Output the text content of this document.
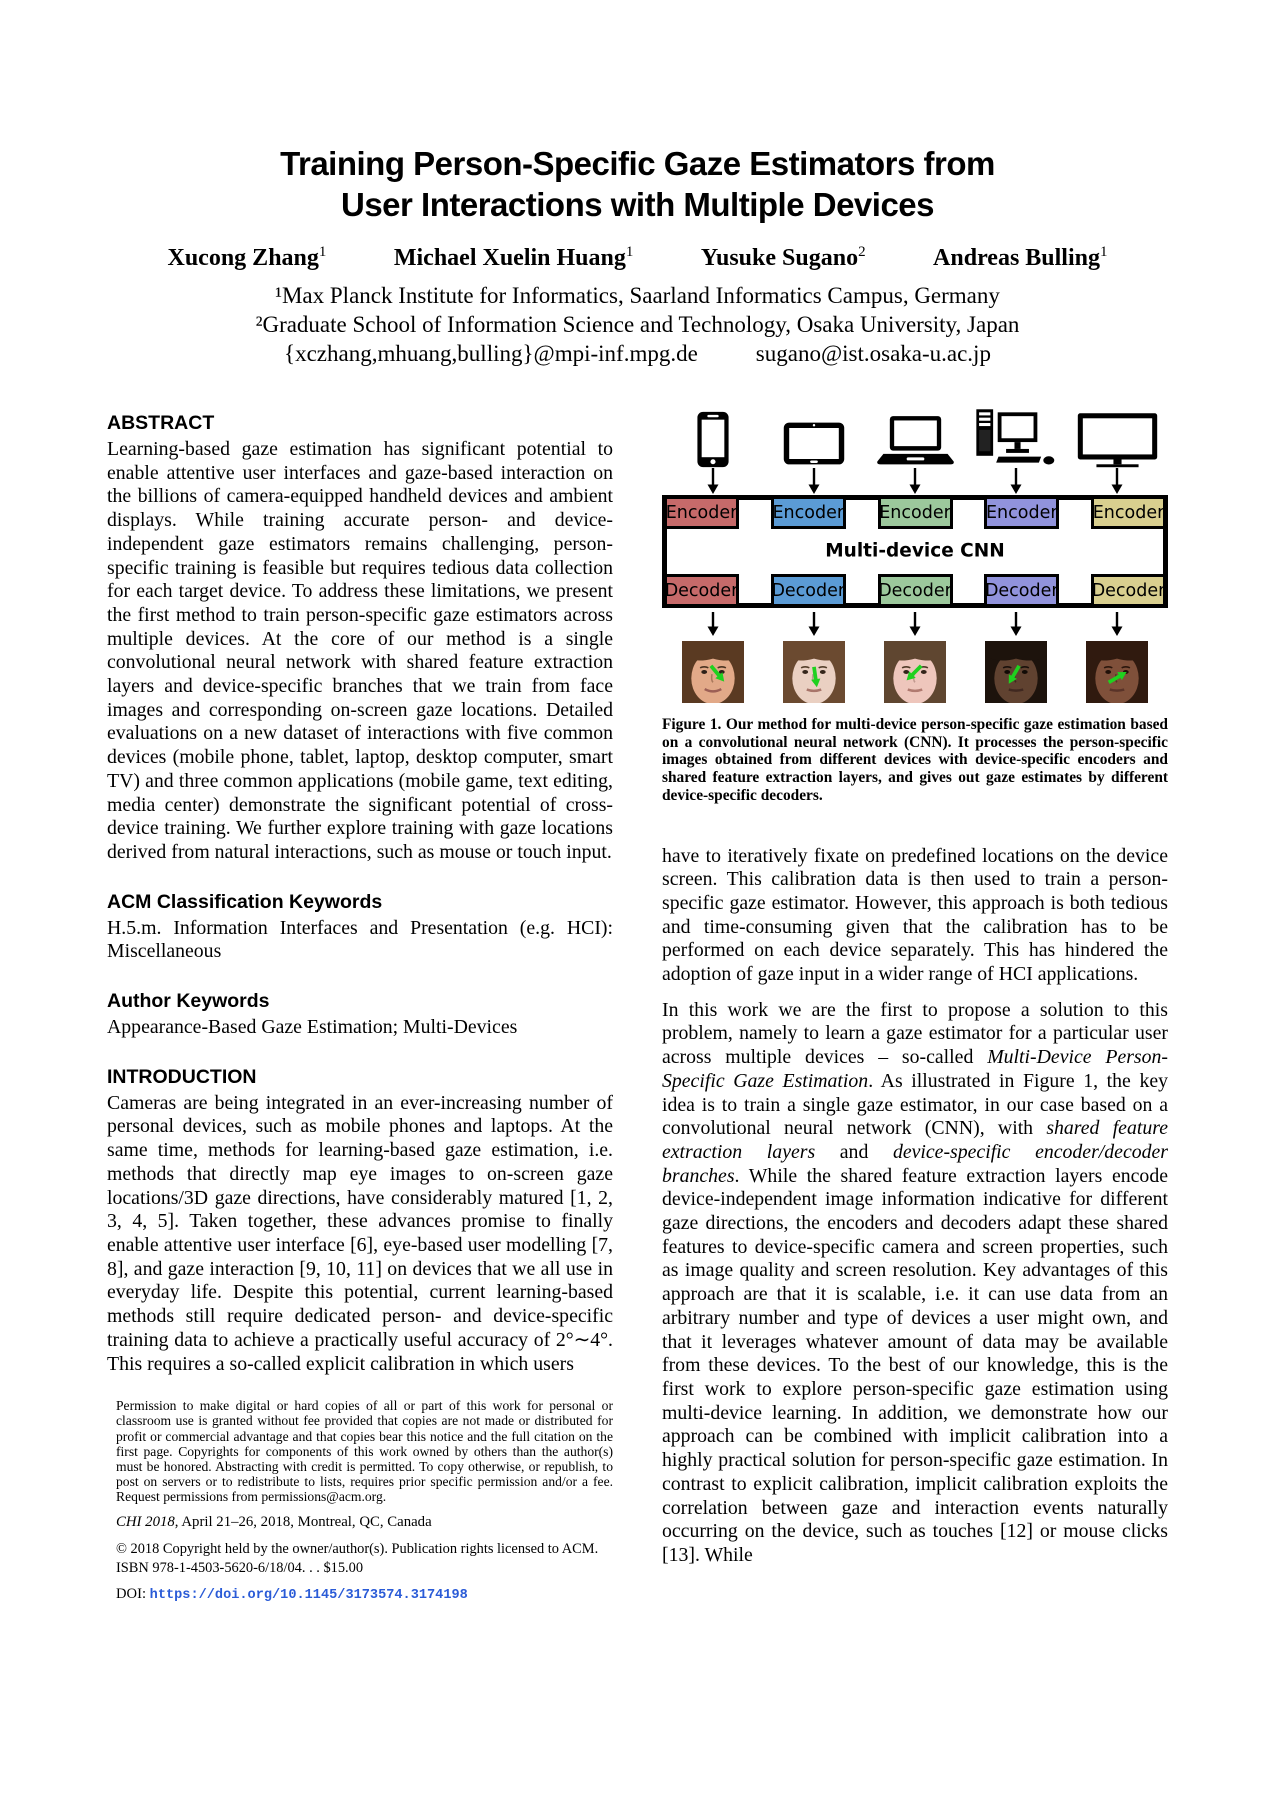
Training Person-Specific Gaze Estimators from
User Interactions with Multiple Devices
Xucong Zhang$^1$	Michael Xuelin Huang$^1$	Yusuke Sugano$^2$	Andreas Bulling$^1$
¹Max Planck Institute for Informatics, Saarland Informatics Campus, Germany
²Graduate School of Information Science and Technology, Osaka University, Japan
{xczhang,mhuang,bulling}@mpi-inf.mpg.de	sugano@ist.osaka-u.ac.jp
ABSTRACT

Learning-based gaze estimation has significant potential to enable attentive user interfaces and gaze-based interaction on the billions of camera-equipped handheld devices and ambient displays. While training accurate person- and device-independent gaze estimators remains challenging, person-specific training is feasible but requires tedious data collection for each target device. To address these limitations, we present the first method to train person-specific gaze estimators across multiple devices. At the core of our method is a single convolutional neural network with shared feature extraction layers and device-specific branches that we train from face images and corresponding on-screen gaze locations. Detailed evaluations on a new dataset of interactions with five common devices (mobile phone, tablet, laptop, desktop computer, smart TV) and three common applications (mobile game, text editing, media center) demonstrate the significant potential of cross-device training. We further explore training with gaze locations derived from natural interactions, such as mouse or touch input.

ACM Classification Keywords

H.5.m. Information Interfaces and Presentation (e.g. HCI): Miscellaneous

Author Keywords

Appearance-Based Gaze Estimation; Multi-Devices

INTRODUCTION

Cameras are being integrated in an ever-increasing number of personal devices, such as mobile phones and laptops. At the same time, methods for learning-based gaze estimation, i.e. methods that directly map eye images to on-screen gaze locations/3D gaze directions, have considerably matured [1, 2, 3, 4, 5]. Taken together, these advances promise to finally enable attentive user interface [6], eye-based user modelling [7, 8], and gaze interaction [9, 10, 11] on devices that we all use in everyday life. Despite this potential, current learning-based methods still require dedicated person- and device-specific training data to achieve a practically useful accuracy of 2°∼4°. This requires a so-called explicit calibration in which users

Permission to make digital or hard copies of all or part of this work for personal or classroom use is granted without fee provided that copies are not made or distributed for profit or commercial advantage and that copies bear this notice and the full citation on the first page. Copyrights for components of this work owned by others than the author(s) must be honored. Abstracting with credit is permitted. To copy otherwise, or republish, to post on servers or to redistribute to lists, requires prior specific permission and/or a fee. Request permissions from permissions@acm.org.

CHI 2018, April 21–26, 2018, Montreal, QC, Canada

© 2018 Copyright held by the owner/author(s). Publication rights licensed to ACM.

ISBN 978-1-4503-5620-6/18/04. . . $15.00

DOI: https://doi.org/10.1145/3173574.3174198

Encoder Encoder Encoder Encoder Encoder
Multi-device CNN
Decoder Decoder Decoder Decoder Decoder

Figure 1. Our method for multi-device person-specific gaze estimation based on a convolutional neural network (CNN). It processes the person-specific images obtained from different devices with device-specific encoders and shared feature extraction layers, and gives out gaze estimates by different device-specific decoders.

have to iteratively fixate on predefined locations on the device screen. This calibration data is then used to train a person-specific gaze estimator. However, this approach is both tedious and time-consuming given that the calibration has to be performed on each device separately. This has hindered the adoption of gaze input in a wider range of HCI applications.

In this work we are the first to propose a solution to this problem, namely to learn a gaze estimator for a particular user across multiple devices – so-called Multi-Device Person-Specific Gaze Estimation. As illustrated in Figure 1, the key idea is to train a single gaze estimator, in our case based on a convolutional neural network (CNN), with shared feature extraction layers and device-specific encoder/decoder branches. While the shared feature extraction layers encode device-independent image information indicative for different gaze directions, the encoders and decoders adapt these shared features to device-specific camera and screen properties, such as image quality and screen resolution. Key advantages of this approach are that it is scalable, i.e. it can use data from an arbitrary number and type of devices a user might own, and that it leverages whatever amount of data may be available from these devices. To the best of our knowledge, this is the first work to explore person-specific gaze estimation using multi-device learning. In addition, we demonstrate how our approach can be combined with implicit calibration into a highly practical solution for person-specific gaze estimation. In contrast to explicit calibration, implicit calibration exploits the correlation between gaze and interaction events naturally occurring on the device, such as touches [12] or mouse clicks [13]. While
